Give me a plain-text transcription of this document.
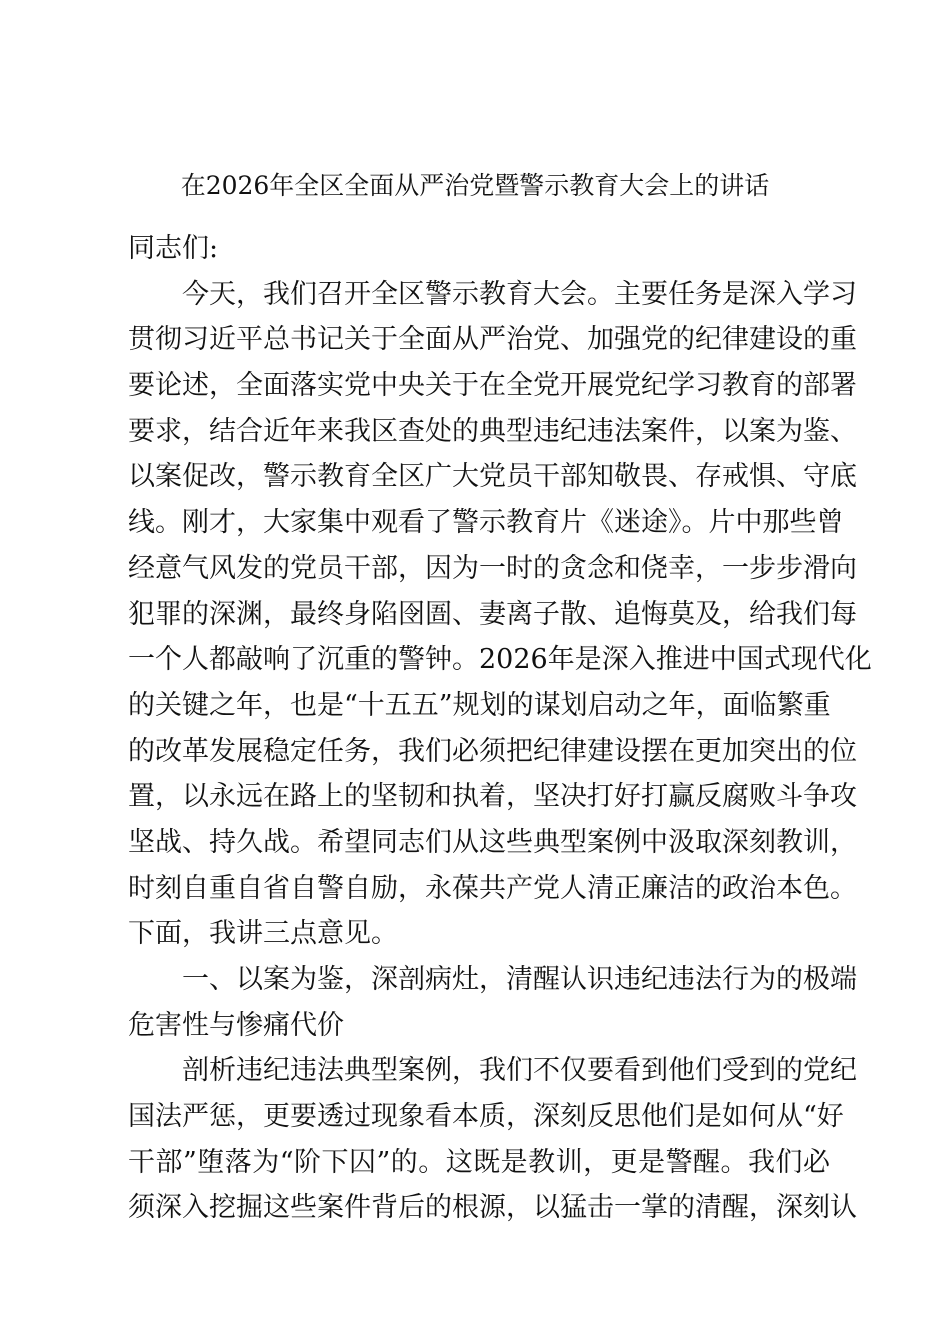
在2026年全区全面从严治党暨警示教育大会上的讲话
同志们:
今天，我们召开全区警示教育大会。主要任务是深入学习
贯彻习近平总书记关于全面从严治党、加强党的纪律建设的重
要论述，全面落实党中央关于在全党开展党纪学习教育的部署
要求，结合近年来我区查处的典型违纪违法案件，以案为鉴、
以案促改，警示教育全区广大党员干部知敬畏、存戒惧、守底
线。刚才，大家集中观看了警示教育片《迷途》。片中那些曾
经意气风发的党员干部，因为一时的贪念和侥幸，一步步滑向
犯罪的深渊，最终身陷囹圄、妻离子散、追悔莫及，给我们每
一个人都敲响了沉重的警钟。2026年是深入推进中国式现代化
的关键之年，也是“十五五”规划的谋划启动之年，面临繁重
的改革发展稳定任务，我们必须把纪律建设摆在更加突出的位
置，以永远在路上的坚韧和执着，坚决打好打赢反腐败斗争攻
坚战、持久战。希望同志们从这些典型案例中汲取深刻教训，
时刻自重自省自警自励，永葆共产党人清正廉洁的政治本色。
下面，我讲三点意见。
一、以案为鉴，深剖病灶，清醒认识违纪违法行为的极端
危害性与惨痛代价
剖析违纪违法典型案例，我们不仅要看到他们受到的党纪
国法严惩，更要透过现象看本质，深刻反思他们是如何从“好
干部”堕落为“阶下囚”的。这既是教训，更是警醒。我们必
须深入挖掘这些案件背后的根源，以猛击一掌的清醒，深刻认
